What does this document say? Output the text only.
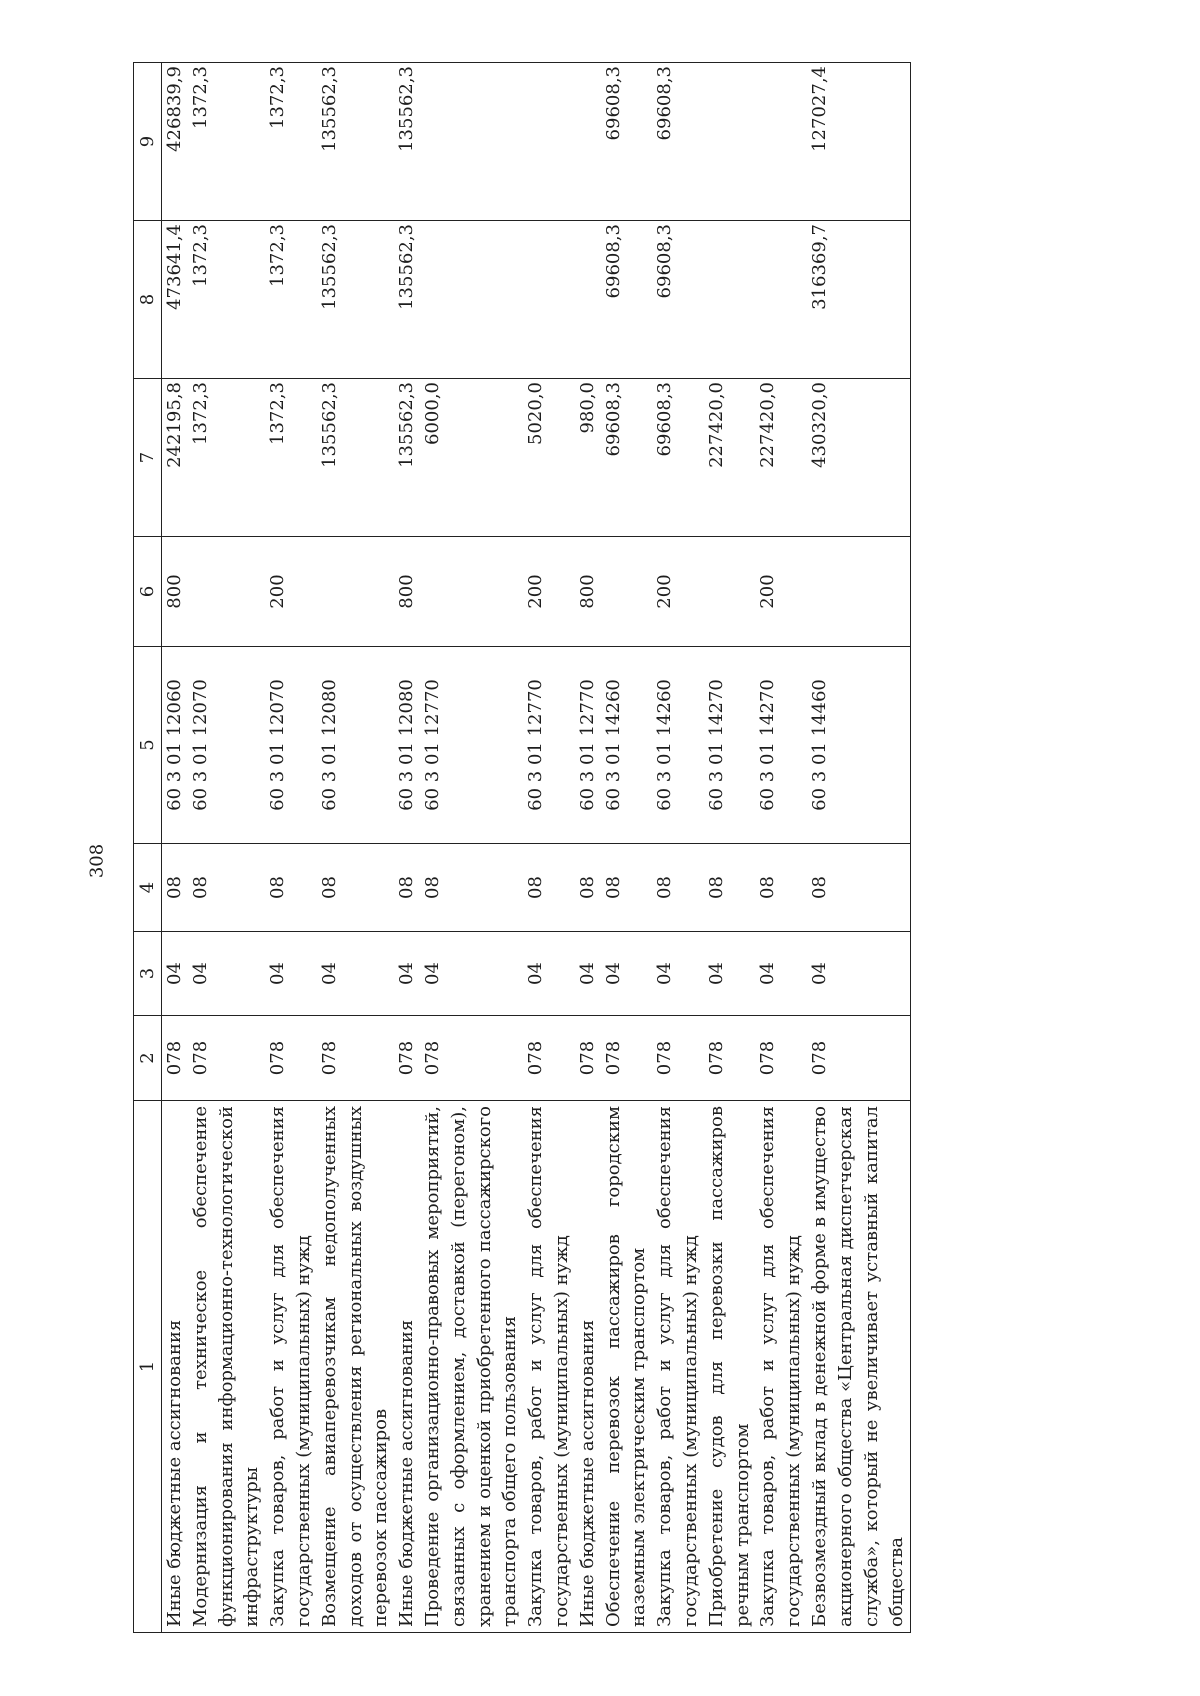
308
1	2	3	4	5	6	7	8	9
Иные бюджетные ассигнования	078	04	08	60 3 01 12060	800	242195,8	473641,4	426839,9
Модернизация и техническое обеспечение функционирования информационно-технологической инфраструктуры	078	04	08	60 3 01 12070		1372,3	1372,3	1372,3
Закупка товаров, работ и услуг для обеспечения государственных (муниципальных) нужд	078	04	08	60 3 01 12070	200	1372,3	1372,3	1372,3
Возмещение авиаперевозчикам недополученных доходов от осуществления региональных воздушных перевозок пассажиров	078	04	08	60 3 01 12080		135562,3	135562,3	135562,3
Иные бюджетные ассигнования	078	04	08	60 3 01 12080	800	135562,3	135562,3	135562,3
Проведение организационно-правовых мероприятий, связанных с оформлением, доставкой (перегоном), хранением и оценкой приобретенного пассажирского транспорта общего пользования	078	04	08	60 3 01 12770		6000,0		
Закупка товаров, работ и услуг для обеспечения государственных (муниципальных) нужд	078	04	08	60 3 01 12770	200	5020,0		
Иные бюджетные ассигнования	078	04	08	60 3 01 12770	800	980,0		
Обеспечение перевозок пассажиров городским наземным электрическим транспортом	078	04	08	60 3 01 14260		69608,3	69608,3	69608,3
Закупка товаров, работ и услуг для обеспечения государственных (муниципальных) нужд	078	04	08	60 3 01 14260	200	69608,3	69608,3	69608,3
Приобретение судов для перевозки пассажиров речным транспортом	078	04	08	60 3 01 14270		227420,0		
Закупка товаров, работ и услуг для обеспечения государственных (муниципальных) нужд	078	04	08	60 3 01 14270	200	227420,0		
Безвозмездный вклад в денежной форме в имущество акционерного общества «Центральная диспетчерская служба», который не увеличивает уставный капитал общества	078	04	08	60 3 01 14460		430320,0	316369,7	127027,4
